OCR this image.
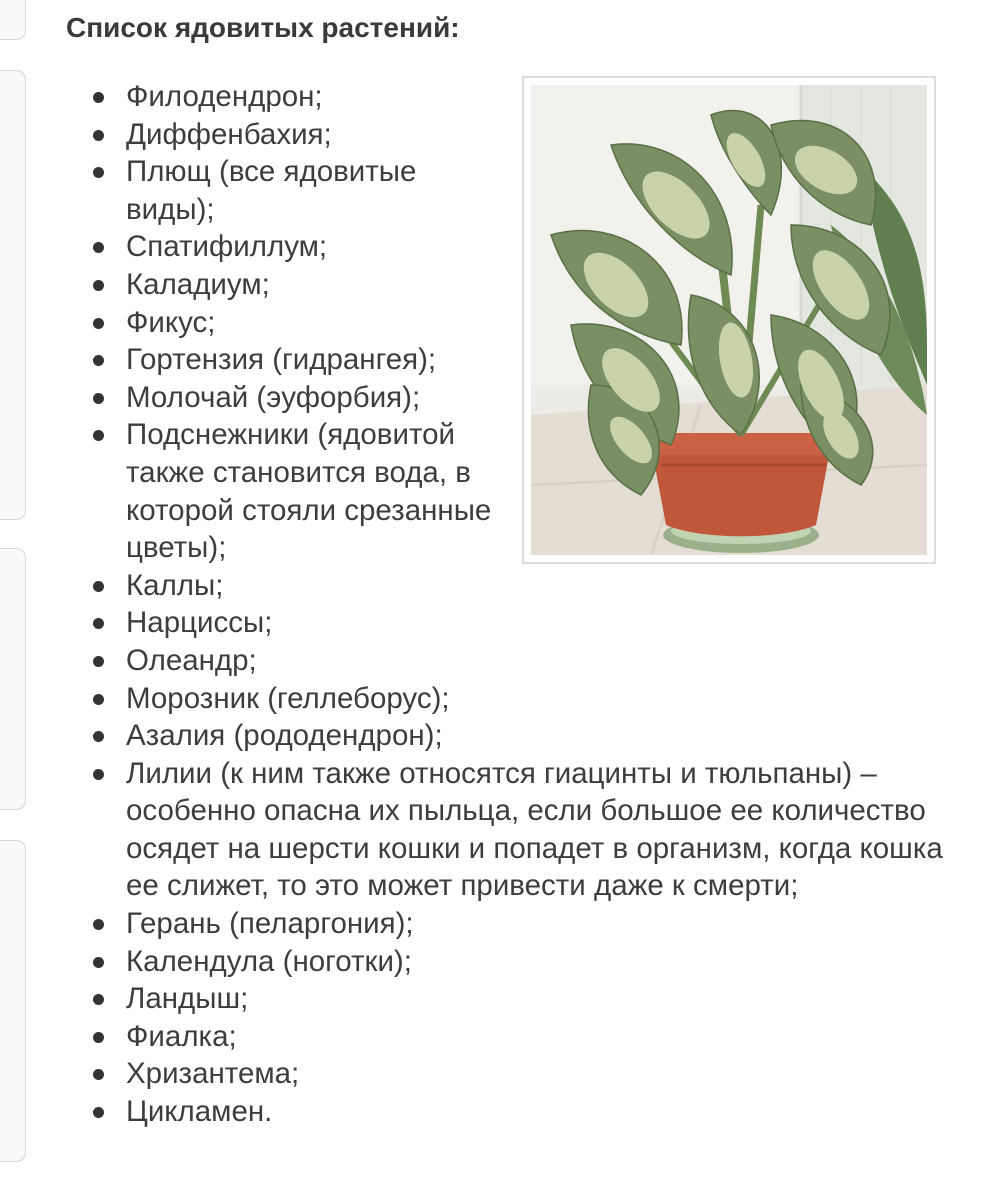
Список ядовитых растений:
Филодендрон;
Диффенбахия;
Плющ (все ядовитые виды);
Спатифиллум;
Каладиум;
Фикус;
Гортензия (гидрангея);
Молочай (эуфорбия);
Подснежники (ядовитой также становится вода, в которой стояли срезанные цветы);
Каллы;
Нарциссы;
Олеандр;
Морозник (геллеборус);
Азалия (рододендрон);
Лилии (к ним также относятся гиацинты и тюльпаны) – особенно опасна их пыльца, если большое ее количество осядет на шерсти кошки и попадет в организм, когда кошка ее слижет, то это может привести даже к смерти;
Герань (пеларгония);
Календула (ноготки);
Ландыш;
Фиалка;
Хризантема;
Цикламен.
